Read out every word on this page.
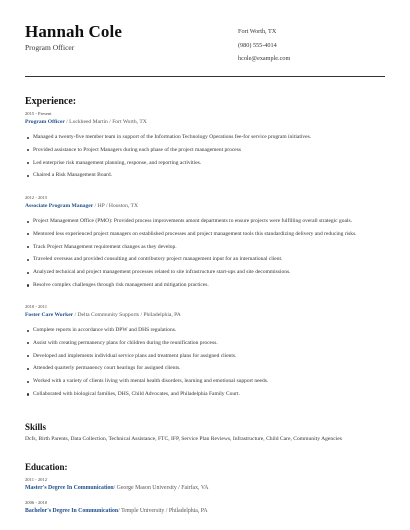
Hannah Cole
Program Officer
Fort Worth, TX
(980) 555-4014
hcole@example.com
Experience:
2015 - Present
Program Officer / Lockheed Martin / Fort Worth, TX
Managed a twenty-five member team in support of the Information Technology Operations fee-for service program initiatives.
Provided assistance to Project Managers during each phase of the project management process
Led enterprise risk management planning, response, and reporting activities.
Chaired a Risk Management Board.
2012 - 2015
Associate Program Manager / HP / Houston, TX
Project Management Office (PMO): Provided process improvements amont departments to ensure projects were fulfilling overall strategic goals.
Mentored less experienced project managers on established processes and project management tools this standardizing delivery and reducing risks.
Track Project Management requirement changes as they develop.
Traveled overseas and provided consulting and contributory project management input for an international client.
Analyzed technical and project management processes related to site infrastructure start-ups and site decommissions.
Resolve complex challenges through risk management and mitigation practices.
2010 - 2011
Foster Care Worker / Delta Community Supports / Philadelphia, PA
Complete reports in accordance with DPW and DHS regulations.
Assist with creating permanency plans for children during the reunification process.
Developed and implements individual service plans and treatment plans for assigned clients.
Attended quarterly permanency court hearings for assigned clients.
Worked with a variety of clients living with mental health disorders, learning and emotional support needs.
Collaborated with biological families, DHS, Child Advocates, and Philadelphia Family Court.
Skills
Dcfs, Birth Parents, Data Collection, Technical Assistance, FTC, IFP, Service Plan Reviews, Infrastructure, Child Care, Community Agencies
Education:
2011 - 2012
Master's Degree In Communication/ George Mason University / Fairfax, VA
2006 - 2010
Bachelor's Degree In Communication/ Temple University / Philadelphia, PA
